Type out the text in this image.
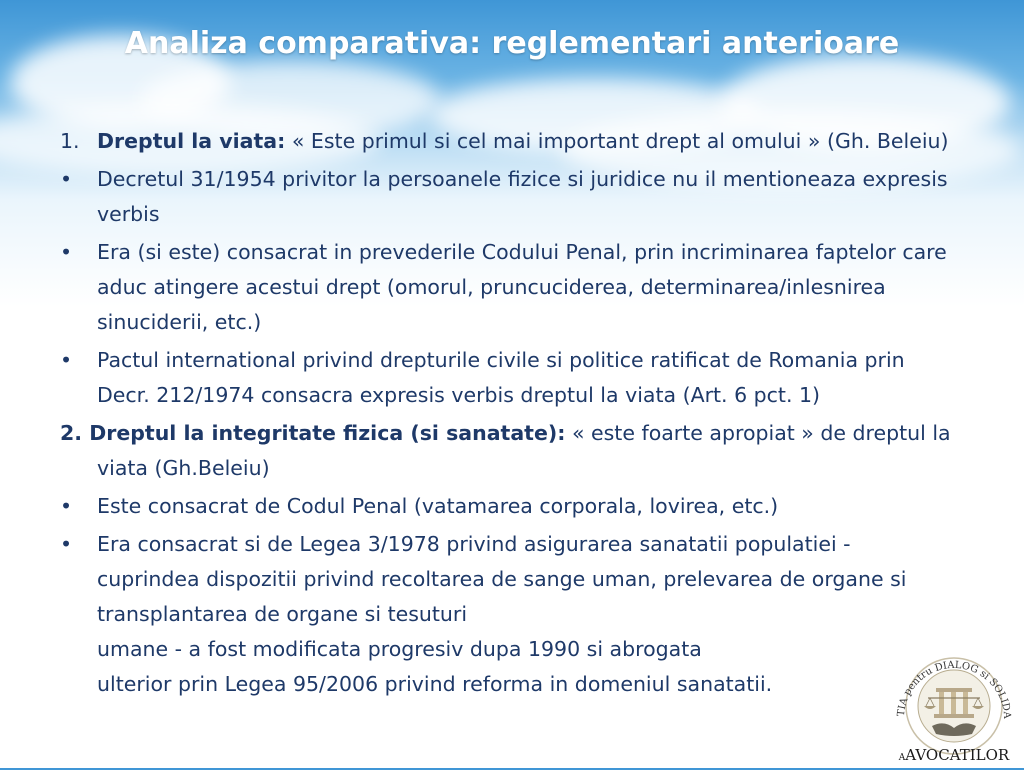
Analiza comparativa: reglementari anterioare
1. Dreptul la viata: « Este primul si cel mai important drept al omului » (Gh. Beleiu)
• Decretul 31/1954 privitor la persoanele fizice si juridice nu il mentioneaza expresis verbis
• Era (si este) consacrat in prevederile Codului Penal, prin incriminarea faptelor care aduc atingere acestui drept (omorul, pruncuciderea, determinarea/inlesnirea sinuciderii, etc.)
• Pactul international privind drepturile civile si politice ratificat de Romania prin Decr. 212/1974 consacra expresis verbis dreptul la viata (Art. 6 pct. 1)
2. Dreptul la integritate fizica (si sanatate): « este foarte apropiat » de dreptul la viata (Gh.Beleiu)
• Este consacrat de Codul Penal (vatamarea corporala, lovirea, etc.)
• Era consacrat si de Legea 3/1978 privind asigurarea sanatatii populatiei - cuprindea dispozitii privind recoltarea de sange uman, prelevarea de organe si transplantarea de organe si tesuturi
umane - a fost modificata progresiv dupa 1990 si abrogata
ulterior prin Legea 95/2006 privind reforma in domeniul sanatatii.
TIA pentru DIALOG si SOLIDA
AAVOCATILOR
